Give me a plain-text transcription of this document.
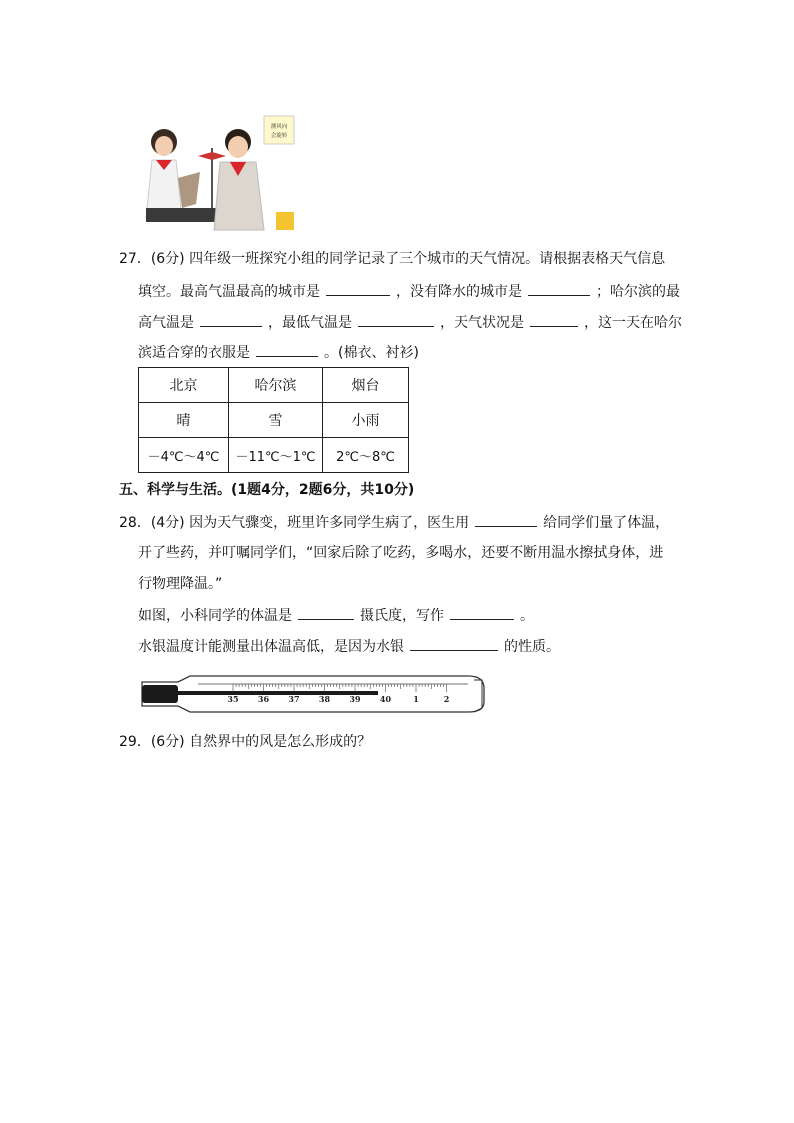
测风向
会旋转
27．(6分) 四年级一班探究小组的同学记录了三个城市的天气情况。请根据表格天气信息
填空。最高气温最高的城市是	，没有降水的城市是	；哈尔滨的最
高气温是	，最低气温是	，天气状况是	，这一天在哈尔
滨适合穿的衣服是	。(棉衣、衬衫)
北京	哈尔滨	烟台
晴	雪	小雨
－4℃～4℃	－11℃～1℃	2℃～8℃
五、科学与生活。(1题4分，2题6分，共10分)
28．(4分) 因为天气骤变，班里许多同学生病了，医生用	给同学们量了体温，
开了些药，并叮嘱同学们，“回家后除了吃药，多喝水，还要不断用温水擦拭身体，进
行物理降温。”
如图，小科同学的体温是	摄氏度，写作	。
水银温度计能测量出体温高低，是因为水银	的性质。
35 36 37 38 39 40	1	2
29．(6分) 自然界中的风是怎么形成的？
